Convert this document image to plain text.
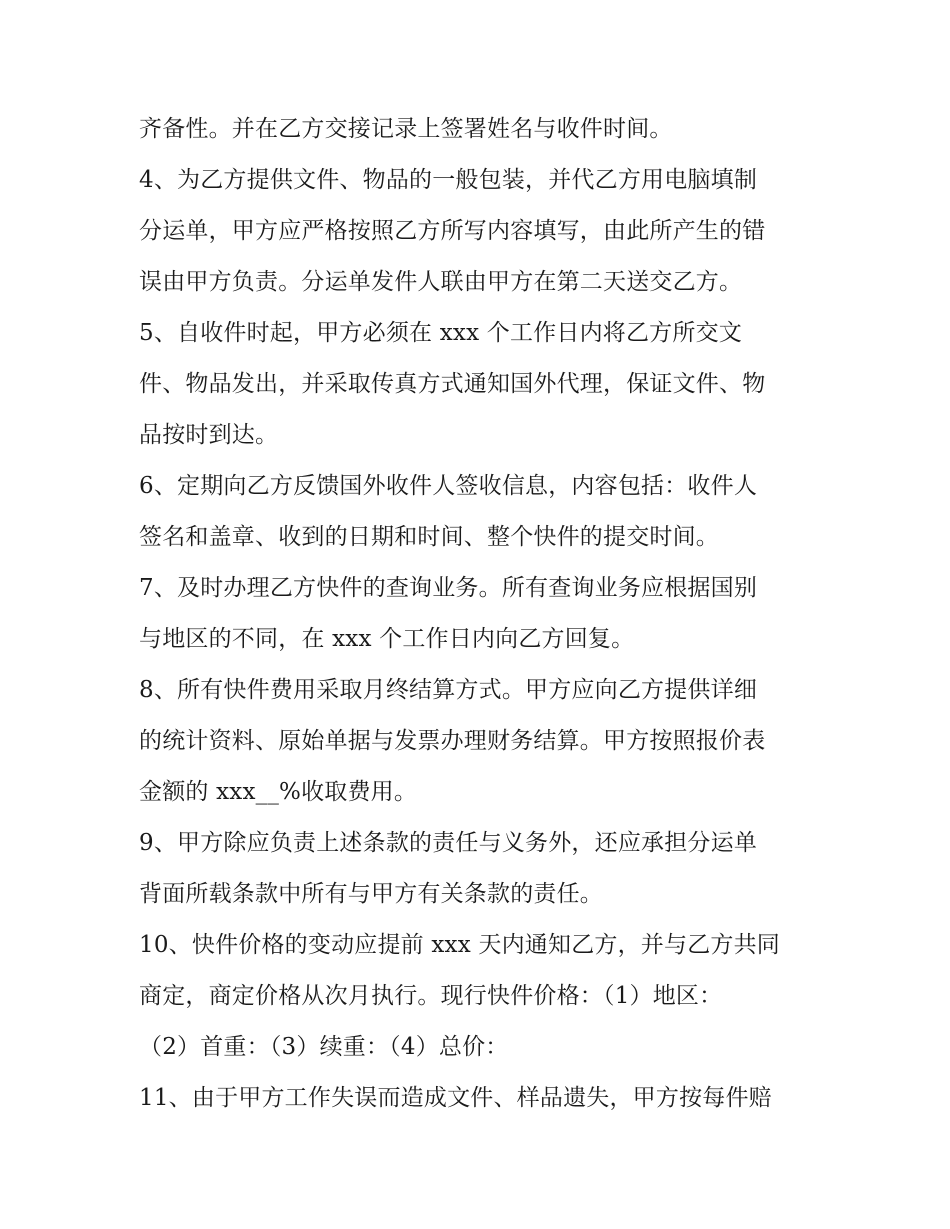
齐备性。并在乙方交接记录上签署姓名与收件时间。
4、为乙方提供文件、物品的一般包装，并代乙方用电脑填制
分运单，甲方应严格按照乙方所写内容填写，由此所产生的错
误由甲方负责。分运单发件人联由甲方在第二天送交乙方。
5、自收件时起，甲方必须在 xxx 个工作日内将乙方所交文
件、物品发出，并采取传真方式通知国外代理，保证文件、物
品按时到达。
6、定期向乙方反馈国外收件人签收信息，内容包括：收件人
签名和盖章、收到的日期和时间、整个快件的提交时间。
7、及时办理乙方快件的查询业务。所有查询业务应根据国别
与地区的不同，在 xxx 个工作日内向乙方回复。
8、所有快件费用采取月终结算方式。甲方应向乙方提供详细
的统计资料、原始单据与发票办理财务结算。甲方按照报价表
金额的 xxx__%收取费用。
9、甲方除应负责上述条款的责任与义务外，还应承担分运单
背面所载条款中所有与甲方有关条款的责任。
10、快件价格的变动应提前 xxx 天内通知乙方，并与乙方共同
商定，商定价格从次月执行。现行快件价格：（1）地区：
（2）首重：（3）续重：（4）总价：
11、由于甲方工作失误而造成文件、样品遗失，甲方按每件赔
